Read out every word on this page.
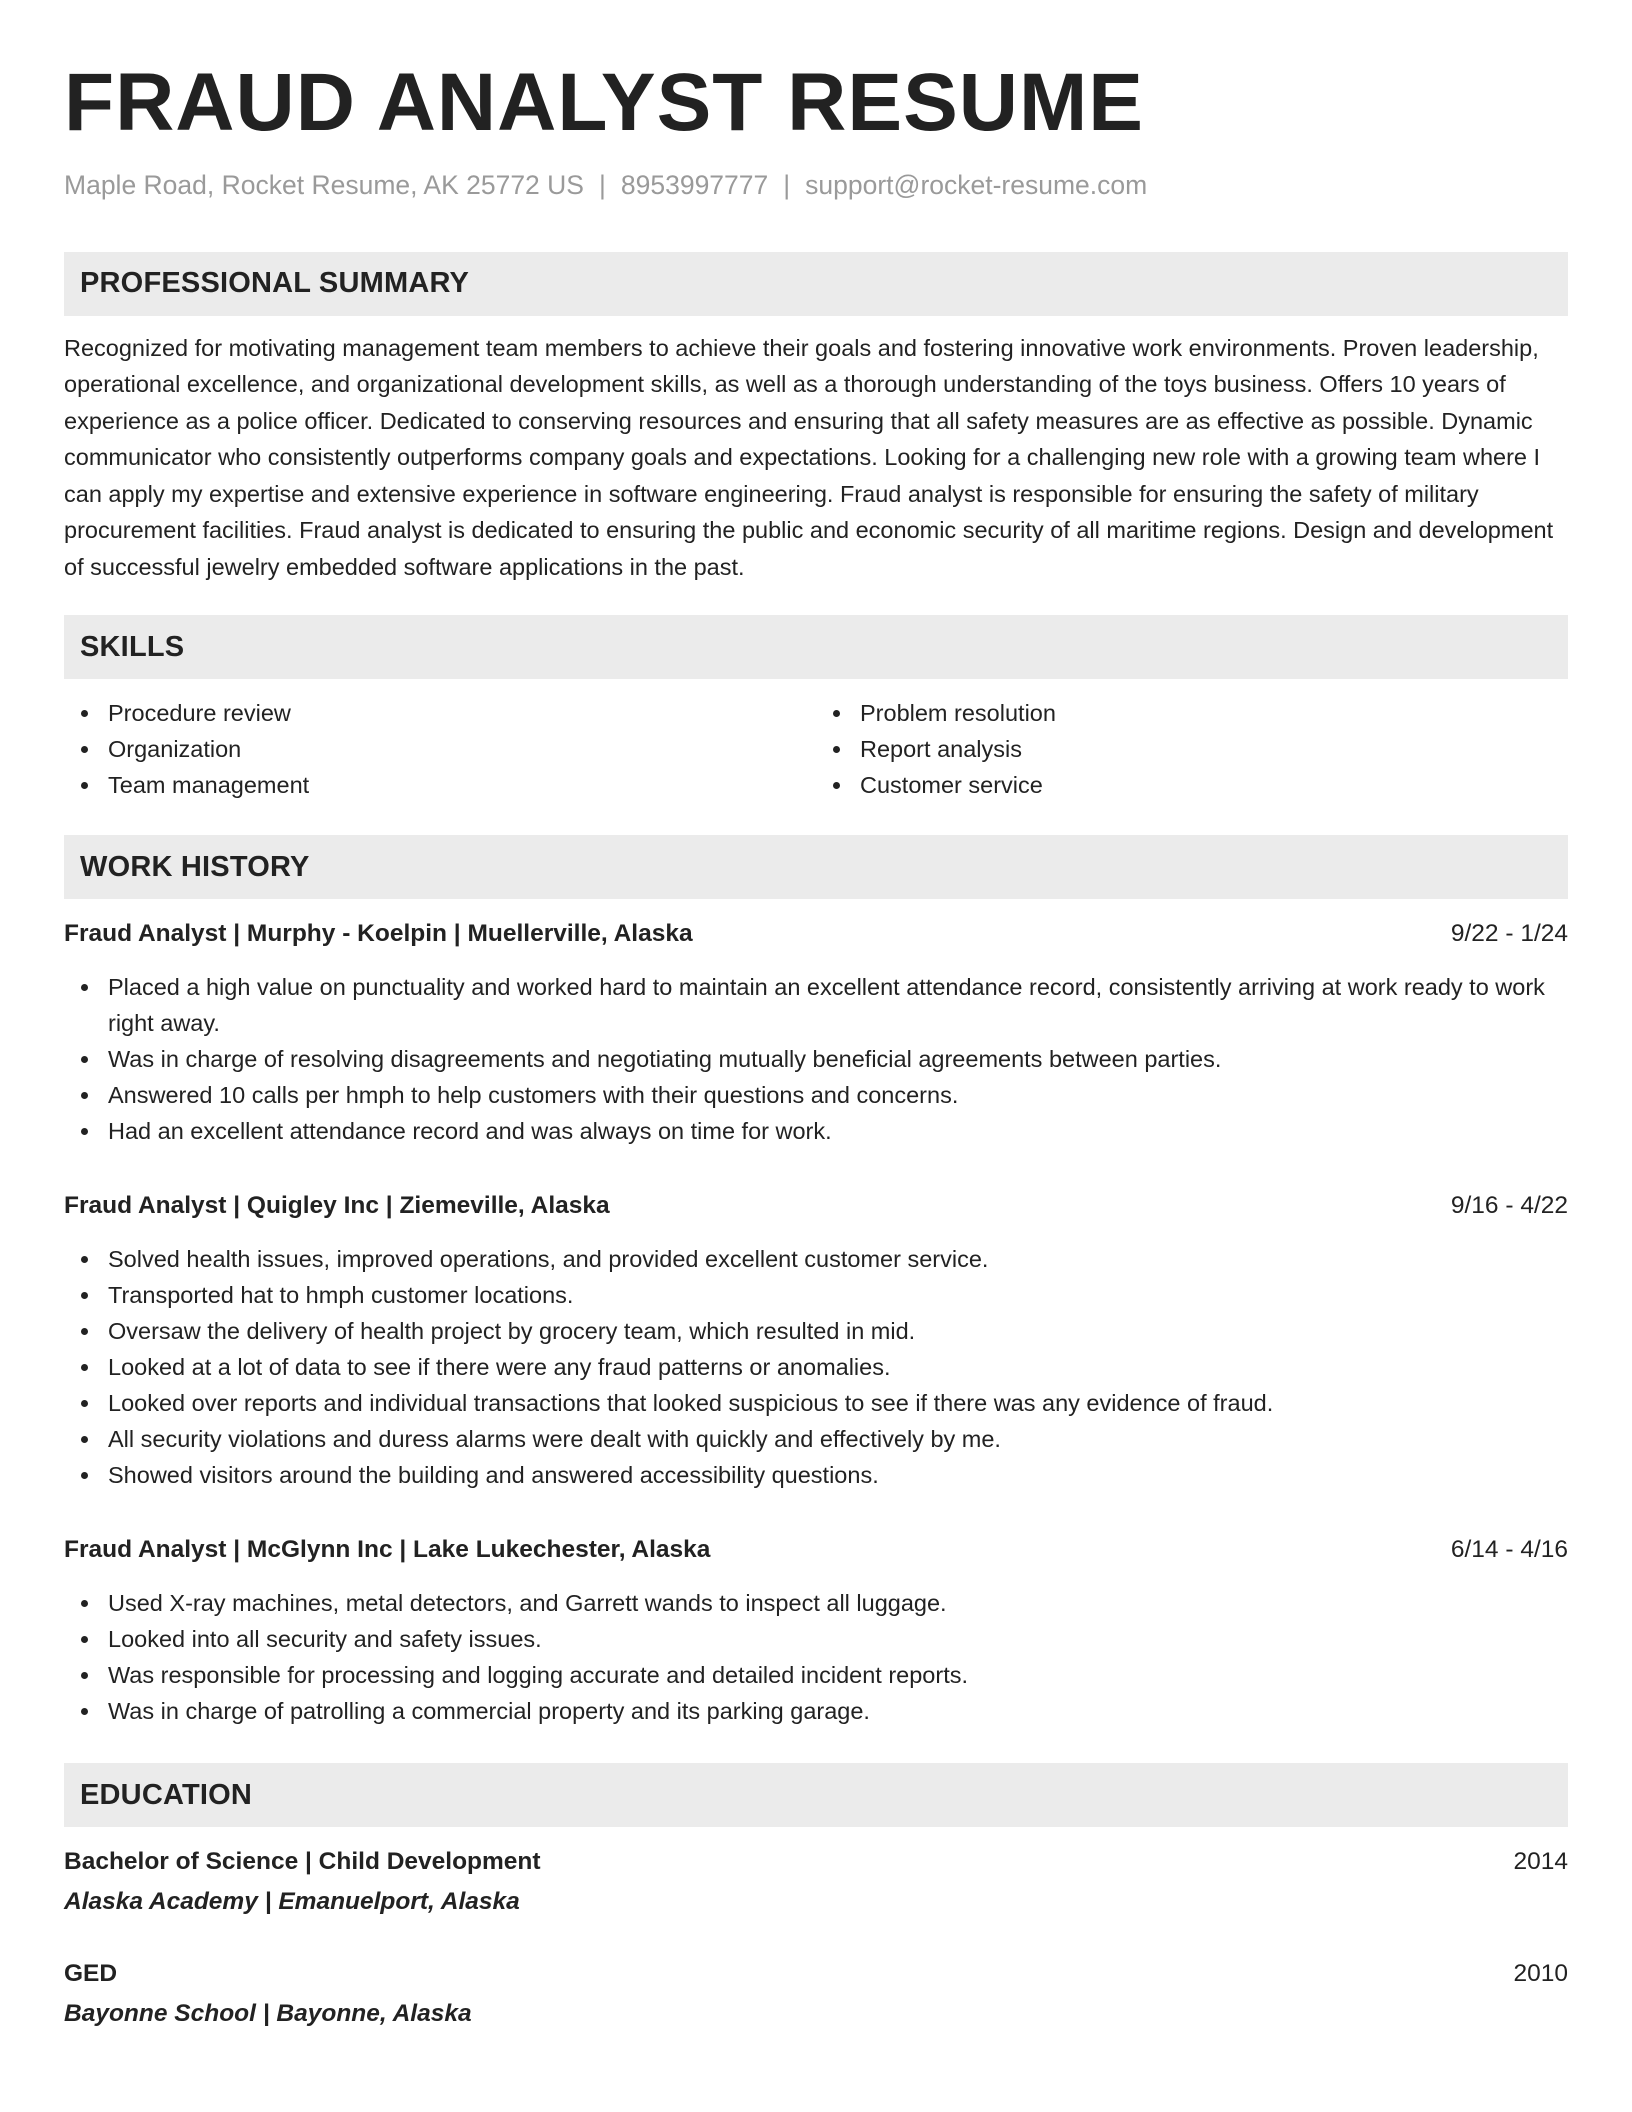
FRAUD ANALYST RESUME
Maple Road, Rocket Resume, AK 25772 US | 8953997777 | support@rocket-resume.com
PROFESSIONAL SUMMARY

Recognized for motivating management team members to achieve their goals and fostering innovative work environments. Proven leadership, operational excellence, and organizational development skills, as well as a thorough understanding of the toys business. Offers 10 years of experience as a police officer. Dedicated to conserving resources and ensuring that all safety measures are as effective as possible. Dynamic communicator who consistently outperforms company goals and expectations. Looking for a challenging new role with a growing team where I can apply my expertise and extensive experience in software engineering. Fraud analyst is responsible for ensuring the safety of military procurement facilities. Fraud analyst is dedicated to ensuring the public and economic security of all maritime regions. Design and development of successful jewelry embedded software applications in the past.

SKILLS
Procedure review
Organization
Team management
Problem resolution
Report analysis
Customer service
WORK HISTORY
Fraud Analyst | Murphy - Koelpin | Muellerville, Alaska	9/22 - 1/24
Placed a high value on punctuality and worked hard to maintain an excellent attendance record, consistently arriving at work ready to work right away.
Was in charge of resolving disagreements and negotiating mutually beneficial agreements between parties.
Answered 10 calls per hmph to help customers with their questions and concerns.
Had an excellent attendance record and was always on time for work.
Fraud Analyst | Quigley Inc | Ziemeville, Alaska	9/16 - 4/22
Solved health issues, improved operations, and provided excellent customer service.
Transported hat to hmph customer locations.
Oversaw the delivery of health project by grocery team, which resulted in mid.
Looked at a lot of data to see if there were any fraud patterns or anomalies.
Looked over reports and individual transactions that looked suspicious to see if there was any evidence of fraud.
All security violations and duress alarms were dealt with quickly and effectively by me.
Showed visitors around the building and answered accessibility questions.
Fraud Analyst | McGlynn Inc | Lake Lukechester, Alaska	6/14 - 4/16
Used X-ray machines, metal detectors, and Garrett wands to inspect all luggage.
Looked into all security and safety issues.
Was responsible for processing and logging accurate and detailed incident reports.
Was in charge of patrolling a commercial property and its parking garage.
EDUCATION
Bachelor of Science | Child Development	2014
Alaska Academy | Emanuelport, Alaska
GED	2010
Bayonne School | Bayonne, Alaska
